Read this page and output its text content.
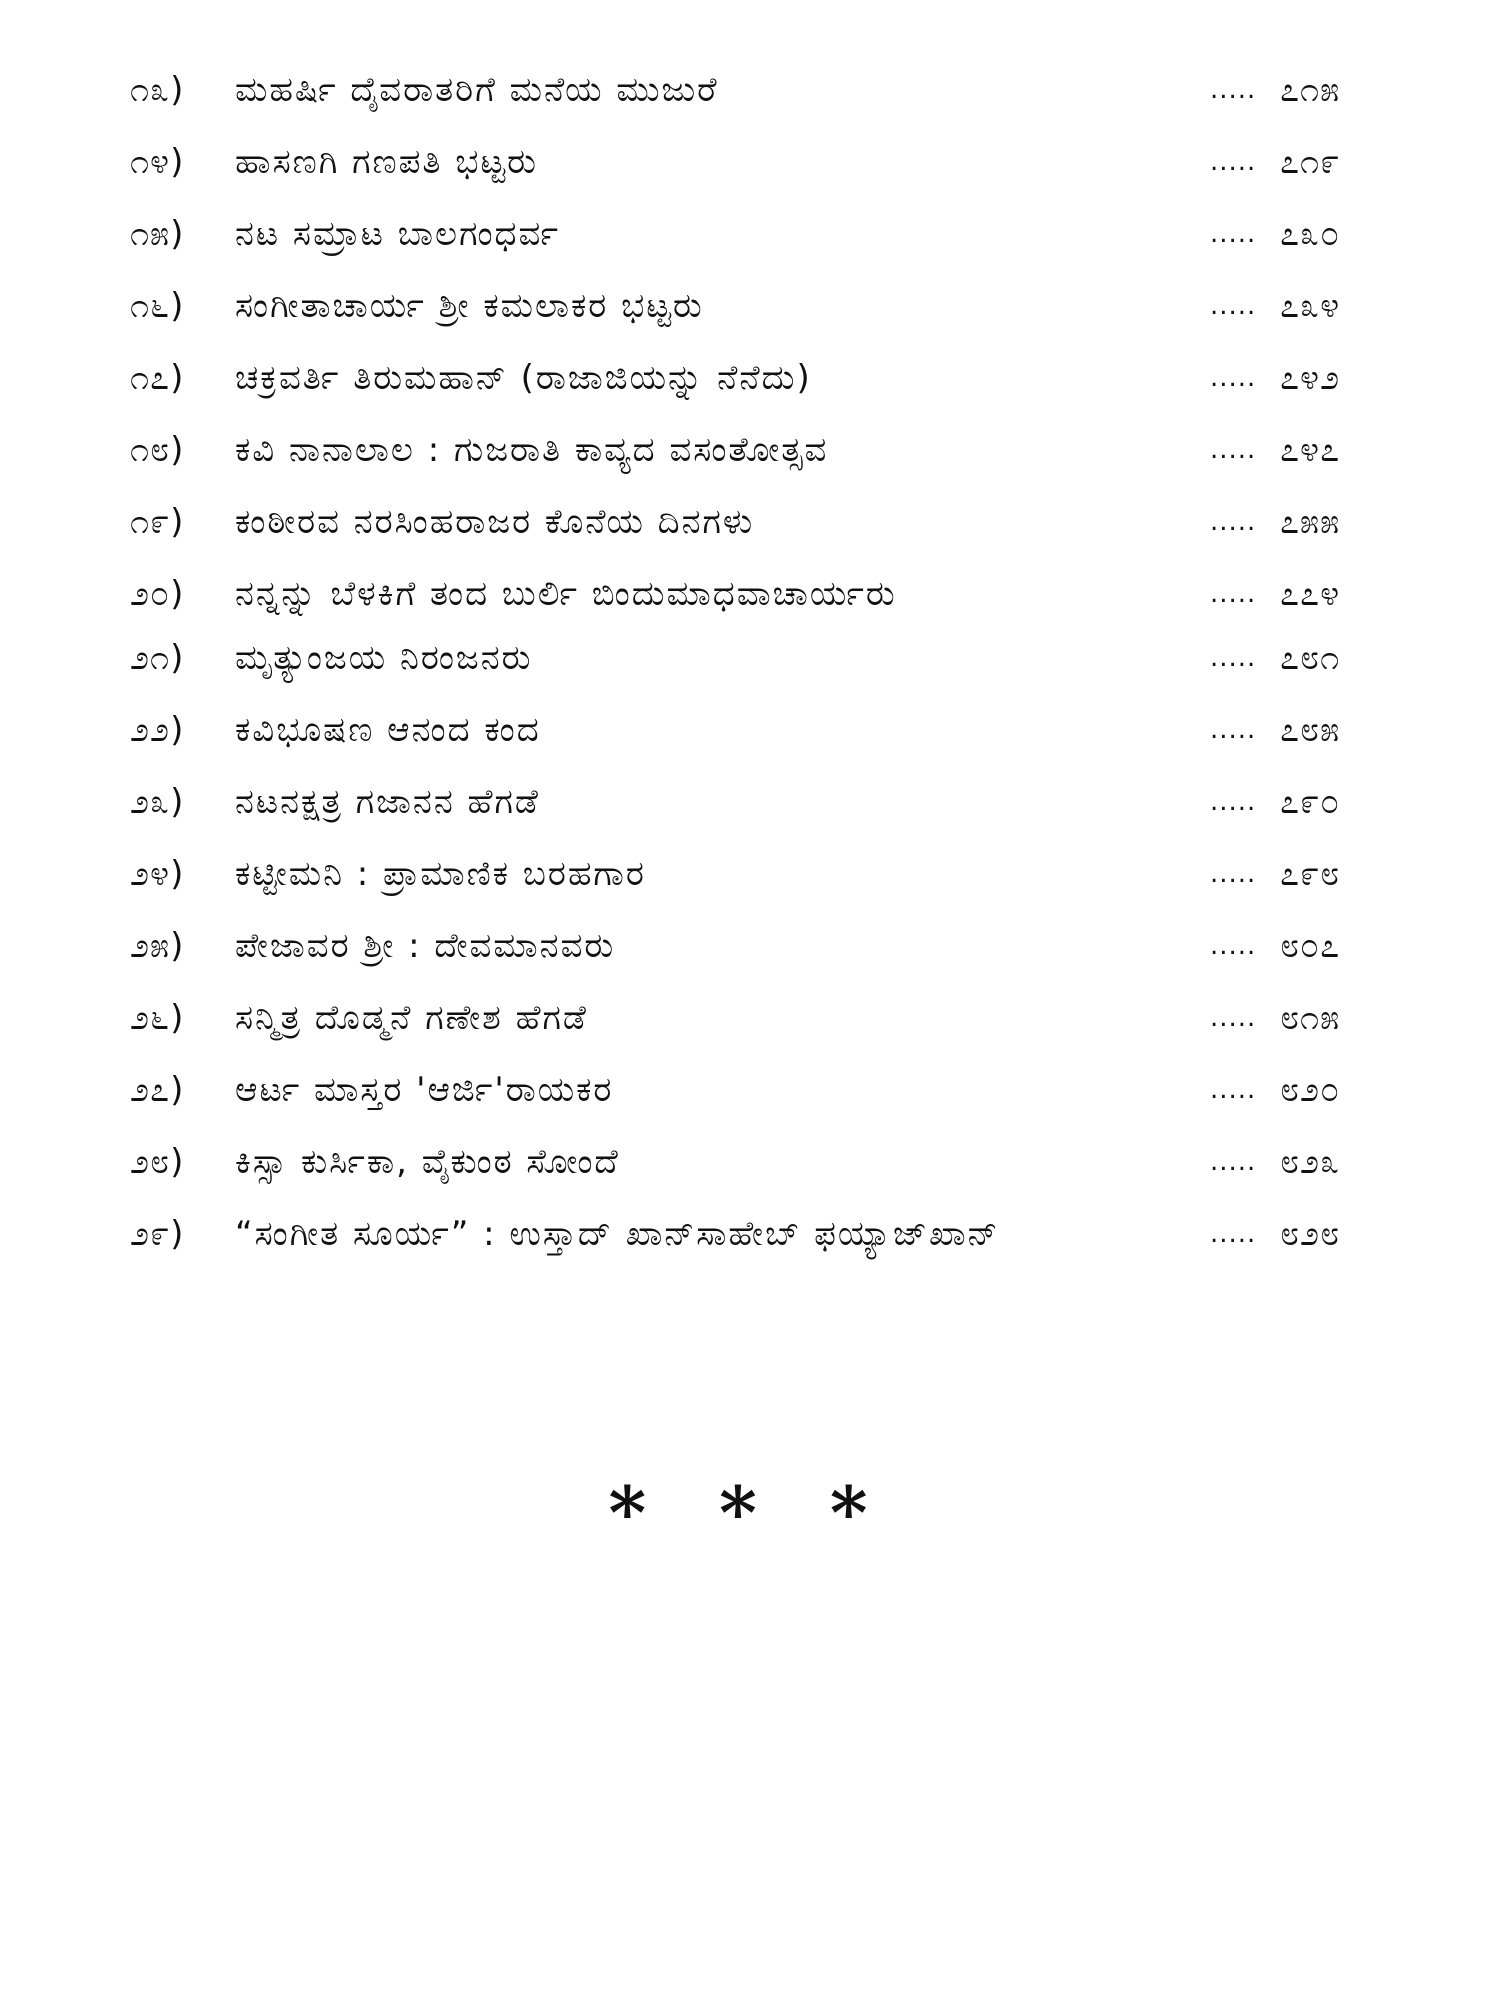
೧೩)	ಮಹರ್ಷಿ ದೈವರಾತರಿಗೆ ಮನೆಯ ಮುಜುರೆ	..... ೭೧೫
೧೪)	ಹಾಸಣಗಿ ಗಣಪತಿ ಭಟ್ಟರು	..... ೭೧೯
೧೫)	ನಟ ಸಮ್ರಾಟ ಬಾಲಗಂಧರ್ವ	..... ೭೩೦
೧೬)	ಸಂಗೀತಾಚಾರ್ಯ ಶ್ರೀ ಕಮಲಾಕರ ಭಟ್ಟರು	..... ೭೩೪
೧೭)	ಚಕ್ರವರ್ತಿ ತಿರುಮಹಾನ್ (ರಾಜಾಜಿಯನ್ನು ನೆನೆದು)	..... ೭೪೨
೧೮)	ಕವಿ ನಾನಾಲಾಲ : ಗುಜರಾತಿ ಕಾವ್ಯದ ವಸಂತೋತ್ಸವ	..... ೭೪೭
೧೯)	ಕಂಠೀರವ ನರಸಿಂಹರಾಜರ ಕೊನೆಯ ದಿನಗಳು	..... ೭೫೫
೨೦)	ನನ್ನನ್ನು ಬೆಳಕಿಗೆ ತಂದ ಬುರ್ಲಿ ಬಿಂದುಮಾಧವಾಚಾರ್ಯರು	..... ೭೭೪
೨೧)	ಮೃತ್ಯುಂಜಯ ನಿರಂಜನರು	..... ೭೮೧
೨೨)	ಕವಿಭೂಷಣ ಆನಂದ ಕಂದ	..... ೭೮೫
೨೩)	ನಟನಕ್ಷತ್ರ ಗಜಾನನ ಹೆಗಡೆ	..... ೭೯೦
೨೪)	ಕಟ್ಟೀಮನಿ : ಪ್ರಾಮಾಣಿಕ ಬರಹಗಾರ	..... ೭೯೮
೨೫)	ಪೇಜಾವರ ಶ್ರೀ : ದೇವಮಾನವರು	..... ೮೦೭
೨೬)	ಸನ್ಮಿತ್ರ ದೊಡ್ಮನೆ ಗಣೇಶ ಹೆಗಡೆ	..... ೮೧೫
೨೭)	ಆರ್ಟ ಮಾಸ್ತರ 'ಆರ್ಜಿ'ರಾಯಕರ	..... ೮೨೦
೨೮)	ಕಿಸ್ಸಾ ಕುರ್ಸಿಕಾ, ವೈಕುಂಠ ಸೋಂದೆ	..... ೮೨೩
೨೯)	“ಸಂಗೀತ ಸೂರ್ಯ” : ಉಸ್ತಾದ್ ಖಾನ್‌ಸಾಹೇಬ್ ಫಯ್ಯಾಜ್‌ಖಾನ್	..... ೮೨೮
* * *
